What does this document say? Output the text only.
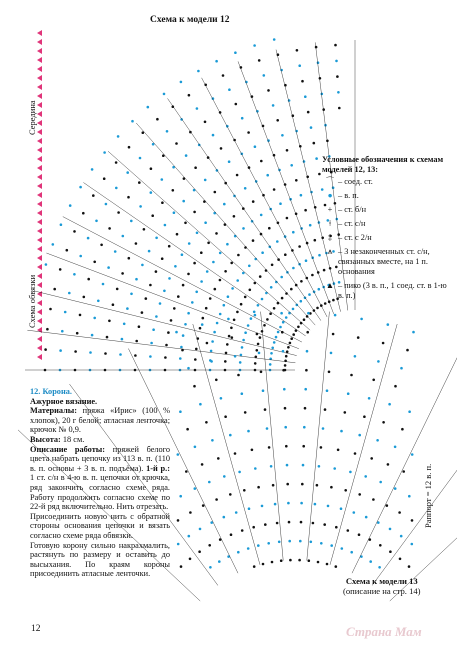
Схема к модели 12
Середина
Схема обвязки
Условные обозначения к схемам моделей 12, 13:
⌒ – соед. ст.
● – в. п.
+ – ст. б/н
ǂ – ст. с/н
‡ – ст. с 2/н
⩚ – 3 незаконченных ст. с/н, связанных вместе, на 1 п. основания
▲ – пико (3 в. п., 1 соед. ст. в 1-ю в. п.)
12. Корона.
Ажурное вязание.
Материалы: пряжа «Ирис» (100 % хлопок), 20 г белой; атласная ленточка; крючок № 0,9.
Высота: 18 см.
Описание работы: пряжей белого цвета набрать цепочку из 113 в. п. (110 в. п. основы + 3 в. п. подъёма). 1-й р.: 1 ст. с/н в 4-ю в. п. цепочки от крючка, ряд закончить согласно схеме ряда. Работу продолжить согласно схеме по 22-й ряд включительно. Нить отрезать.
Присоединить новую нить с обратной стороны основания цепочки и вязать согласно схеме ряда обвязки.
Готовую корону сильно накрахмалить, растянуть по размеру и оставить до высыхания. По краям короны присоединить атласные ленточки.
Раппорт = 12 в. п.
Схема к модели 13
(описание на стр. 14)
12	Страна Мам
